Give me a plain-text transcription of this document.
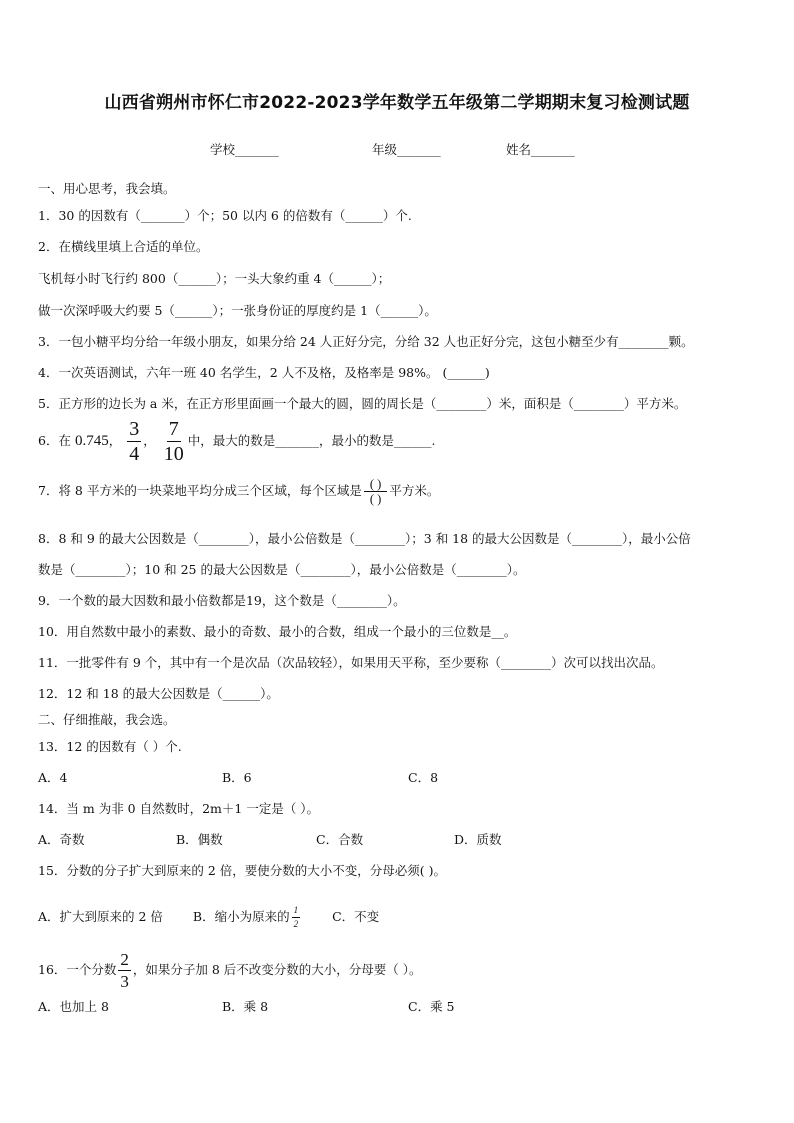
山西省朔州市怀仁市2022-2023学年数学五年级第二学期期末复习检测试题
学校_______	年级_______	姓名_______
一、用心思考，我会填。
1．30 的因数有（_______）个；50 以内 6 的倍数有（______）个.
2．在横线里填上合适的单位。
飞机每小时飞行约 800（______）；一头大象约重 4（______）；
做一次深呼吸大约要 5（______）；一张身份证的厚度约是 1（______）。
3．一包小糖平均分给一年级小朋友，如果分给 24 人正好分完，分给 32 人也正好分完，这包小糖至少有________颗。
4．一次英语测试，六年一班 40 名学生，2 人不及格，及格率是 98%。 (______)
5．正方形的边长为 a 米，在正方形里面画一个最大的圆，圆的周长是（________）米，面积是（________）平方米。
6．在 0.745， $\frac{3}{4}$ ， $\frac{7}{10}$ 中，最大的数是_______，最小的数是______.
7．将 8 平方米的一块菜地平均分成三个区域，每个区域是 $\frac{( )}{( )}$ 平方米。
8．8 和 9 的最大公因数是（________），最小公倍数是（________）；3 和 18 的最大公因数是（________），最小公倍
数是（________）；10 和 25 的最大公因数是（________），最小公倍数是（________）。
9．一个数的最大因数和最小倍数都是19，这个数是（________）。
10．用自然数中最小的素数、最小的奇数、最小的合数，组成一个最小的三位数是__。
11．一批零件有 9 个，其中有一个是次品（次品较轻），如果用天平称，至少要称（________）次可以找出次品。
12．12 和 18 的最大公因数是（______）。
二、仔细推敲，我会选。
13．12 的因数有（ ）个.
A．4	B．6	C．8
14．当 m 为非 0 自然数时，2m＋1 一定是（ ）。
A．奇数	B．偶数	C．合数	D．质数
15．分数的分子扩大到原来的 2 倍，要使分数的大小不变，分母必须( )。
A．扩大到原来的 2 倍 B．缩小为原来的 $\frac{1}{2}$	C．不变
16．一个分数 $\frac{2}{3}$ ，如果分子加 8 后不改变分数的大小，分母要（ ）。
A．也加上 8	B．乘 8	C．乘 5
